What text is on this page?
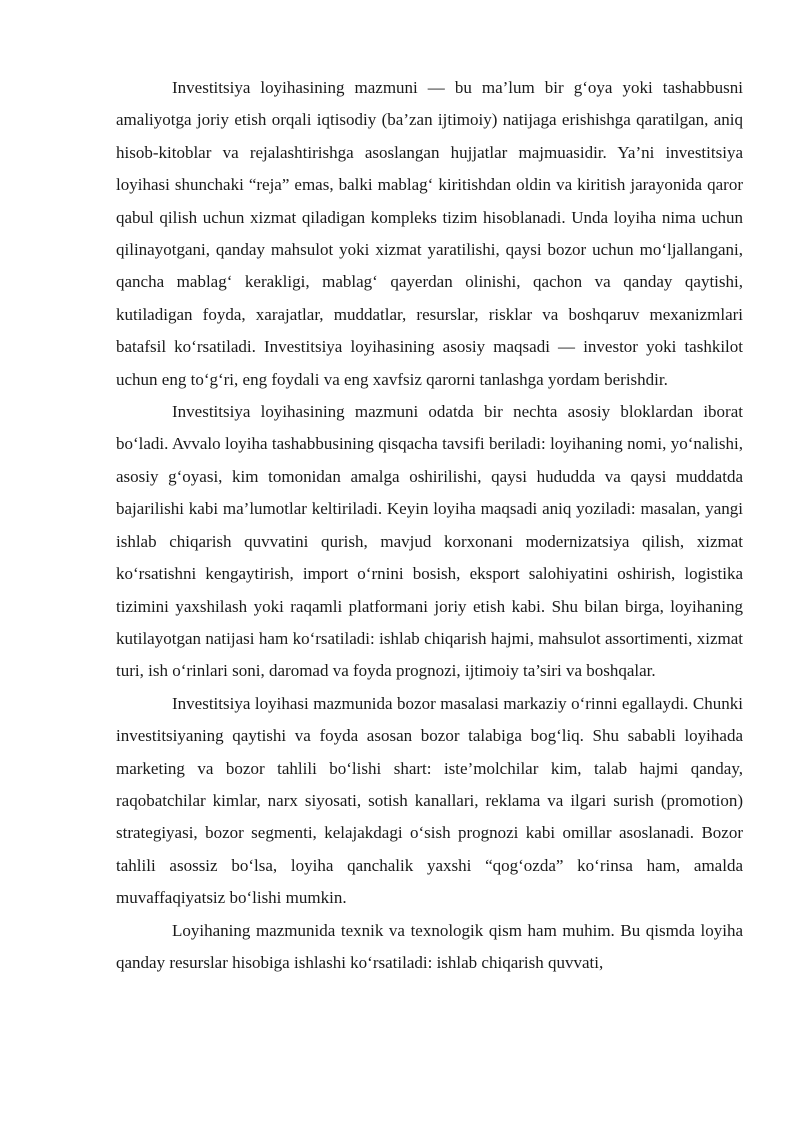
Investitsiya loyihasining mazmuni — bu ma’lum bir g‘oya yoki tashabbusni amaliyotga joriy etish orqali iqtisodiy (ba’zan ijtimoiy) natijaga erishishga qaratilgan, aniq hisob-kitoblar va rejalashtirishga asoslangan hujjatlar majmuasidir. Ya’ni investitsiya loyihasi shunchaki “reja” emas, balki mablag‘ kiritishdan oldin va kiritish jarayonida qaror qabul qilish uchun xizmat qiladigan kompleks tizim hisoblanadi. Unda loyiha nima uchun qilinayotgani, qanday mahsulot yoki xizmat yaratilishi, qaysi bozor uchun mo‘ljallangani, qancha mablag‘ kerakligi, mablag‘ qayerdan olinishi, qachon va qanday qaytishi, kutiladigan foyda, xarajatlar, muddatlar, resurslar, risklar va boshqaruv mexanizmlari batafsil ko‘rsatiladi. Investitsiya loyihasining asosiy maqsadi — investor yoki tashkilot uchun eng to‘g‘ri, eng foydali va eng xavfsiz qarorni tanlashga yordam berishdir.

Investitsiya loyihasining mazmuni odatda bir nechta asosiy bloklardan iborat bo‘ladi. Avvalo loyiha tashabbusining qisqacha tavsifi beriladi: loyihaning nomi, yo‘nalishi, asosiy g‘oyasi, kim tomonidan amalga oshirilishi, qaysi hududda va qaysi muddatda bajarilishi kabi ma’lumotlar keltiriladi. Keyin loyiha maqsadi aniq yoziladi: masalan, yangi ishlab chiqarish quvvatini qurish, mavjud korxonani modernizatsiya qilish, xizmat ko‘rsatishni kengaytirish, import o‘rnini bosish, eksport salohiyatini oshirish, logistika tizimini yaxshilash yoki raqamli platformani joriy etish kabi. Shu bilan birga, loyihaning kutilayotgan natijasi ham ko‘rsatiladi: ishlab chiqarish hajmi, mahsulot assortimenti, xizmat turi, ish o‘rinlari soni, daromad va foyda prognozi, ijtimoiy ta’siri va boshqalar.

Investitsiya loyihasi mazmunida bozor masalasi markaziy o‘rinni egallaydi. Chunki investitsiyaning qaytishi va foyda asosan bozor talabiga bog‘liq. Shu sababli loyihada marketing va bozor tahlili bo‘lishi shart: iste’molchilar kim, talab hajmi qanday, raqobatchilar kimlar, narx siyosati, sotish kanallari, reklama va ilgari surish (promotion) strategiyasi, bozor segmenti, kelajakdagi o‘sish prognozi kabi omillar asoslanadi. Bozor tahlili asossiz bo‘lsa, loyiha qanchalik yaxshi “qog‘ozda” ko‘rinsa ham, amalda muvaffaqiyatsiz bo‘lishi mumkin.

Loyihaning mazmunida texnik va texnologik qism ham muhim. Bu qismda loyiha qanday resurslar hisobiga ishlashi ko‘rsatiladi: ishlab chiqarish quvvati,
